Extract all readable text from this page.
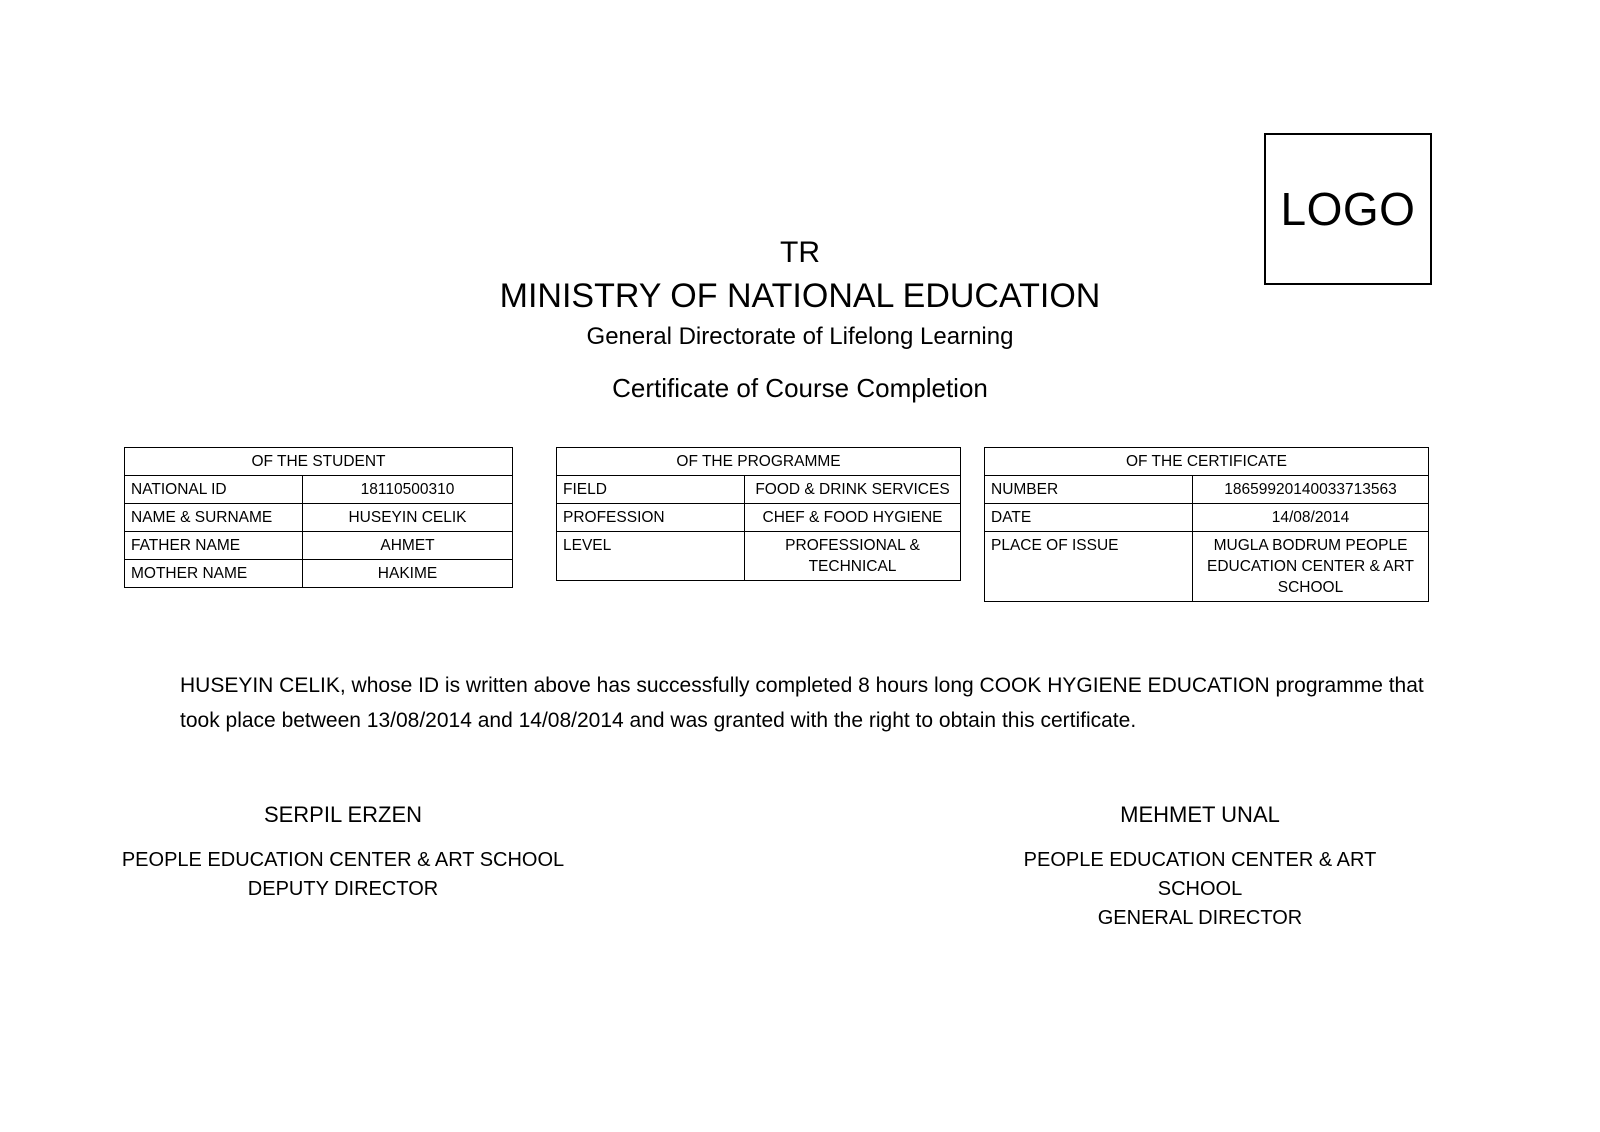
LOGO
TR
MINISTRY OF NATIONAL EDUCATION
General Directorate of Lifelong Learning
Certificate of Course Completion
OF THE STUDENT	
NATIONAL ID	18110500310
NAME & SURNAME	HUSEYIN CELIK
FATHER NAME	AHMET
MOTHER NAME	HAKIME
OF THE PROGRAMME	
FIELD	FOOD & DRINK SERVICES
PROFESSION	CHEF & FOOD HYGIENE
LEVEL	PROFESSIONAL & TECHNICAL
OF THE CERTIFICATE	
NUMBER	18659920140033713563
DATE	14/08/2014
PLACE OF ISSUE	MUGLA BODRUM PEOPLE EDUCATION CENTER & ART SCHOOL
HUSEYIN CELIK, whose ID is written above has successfully completed 8 hours long COOK HYGIENE EDUCATION programme that took place between 13/08/2014 and 14/08/2014 and was granted with the right to obtain this certificate.
SERPIL ERZEN
PEOPLE EDUCATION CENTER & ART SCHOOL
DEPUTY DIRECTOR
MEHMET UNAL
PEOPLE EDUCATION CENTER & ART SCHOOL
GENERAL DIRECTOR
